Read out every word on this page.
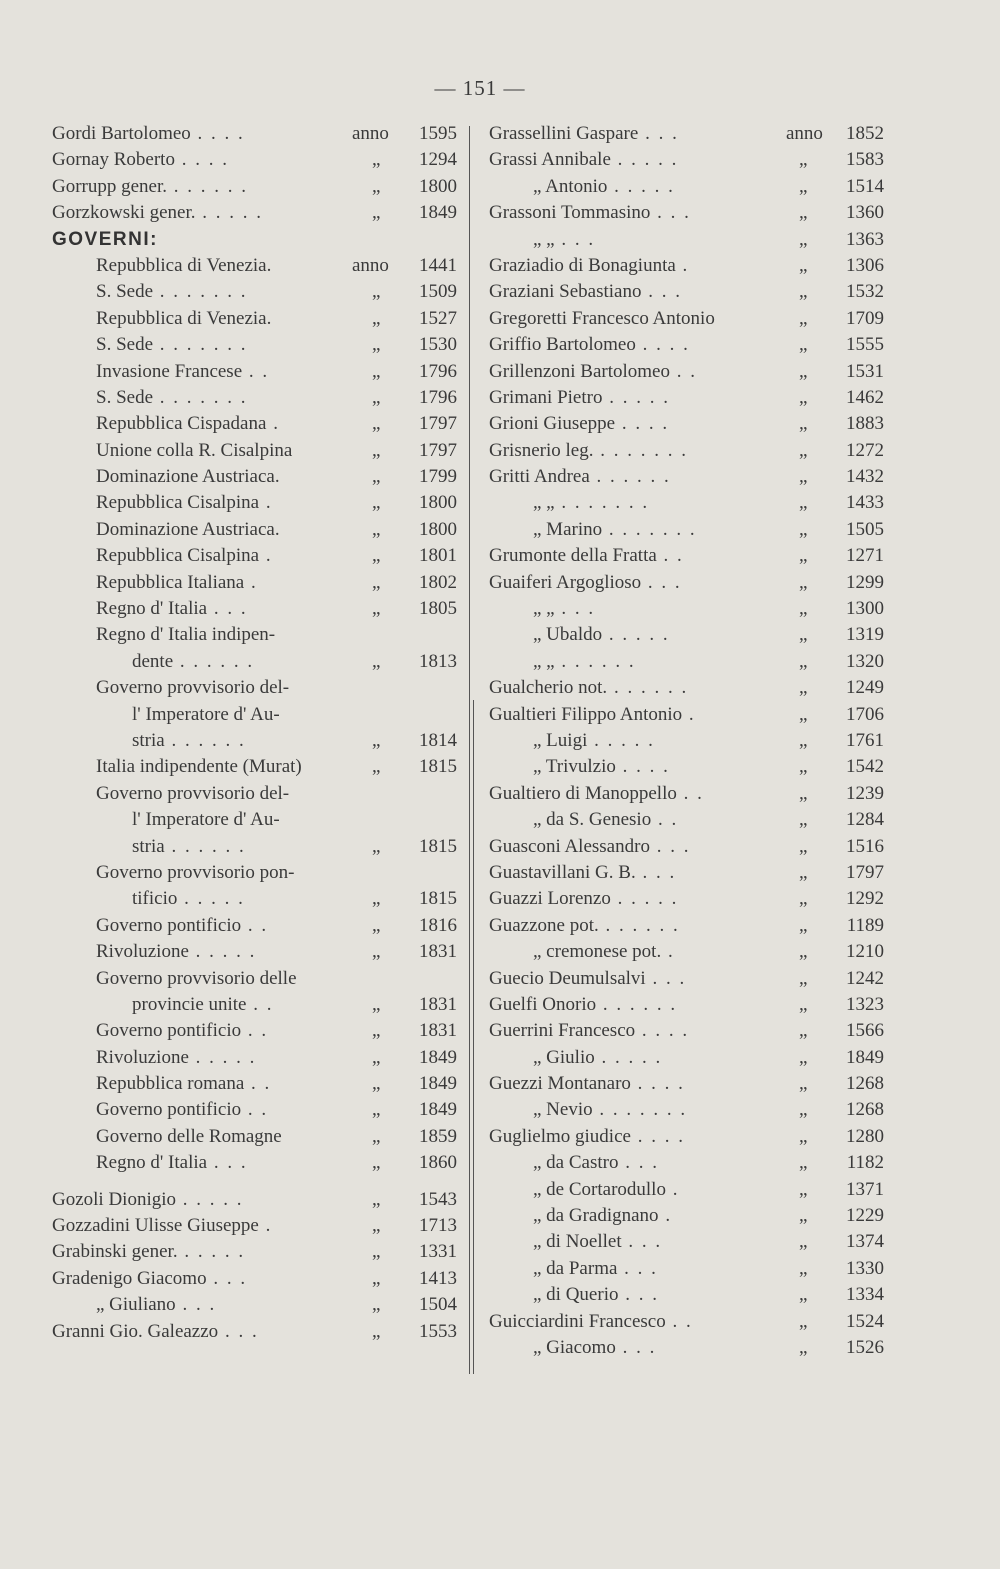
— 151 —
Gordi Bartolomeo . . . .	anno 1595
Gornay Roberto . . . .	„ 1294
Gorrupp gener. . . . . . .	„ 1800
Gorzkowski gener. . . . . .	„ 1849
GOVERNI:
Repubblica di Venezia.	anno 1441
S. Sede . . . . . . .	„ 1509
Repubblica di Venezia.	„ 1527
S. Sede . . . . . . .	„ 1530
Invasione Francese . .	„ 1796
S. Sede . . . . . . .	„ 1796
Repubblica Cispadana .	„ 1797
Unione colla R. Cisalpina	„ 1797
Dominazione Austriaca.	„ 1799
Repubblica Cisalpina .	„ 1800
Dominazione Austriaca.	„ 1800
Repubblica Cisalpina .	„ 1801
Repubblica Italiana .	„ 1802
Regno d' Italia . . .	„ 1805
Regno d' Italia indipen-
dente . . . . . .	„ 1813
Governo provvisorio del-
l' Imperatore d' Au-
stria . . . . . .	„ 1814
Italia indipendente (Murat)	„ 1815
Governo provvisorio del-
l' Imperatore d' Au-
stria . . . . . .	„ 1815
Governo provvisorio pon-
tificio . . . . .	„ 1815
Governo pontificio . .	„ 1816
Rivoluzione . . . . .	„ 1831
Governo provvisorio delle
provincie unite . .	„ 1831
Governo pontificio . .	„ 1831
Rivoluzione . . . . .	„ 1849
Repubblica romana . .	„ 1849
Governo pontificio . .	„ 1849
Governo delle Romagne	„ 1859
Regno d' Italia . . .	„ 1860
Gozoli Dionigio . . . . .	„ 1543
Gozzadini Ulisse Giuseppe .	„ 1713
Grabinski gener. . . . . .	„ 1331
Gradenigo Giacomo . . .	„ 1413
„ Giuliano . . .	„ 1504
Granni Gio. Galeazzo . . .	„ 1553
Grassellini Gaspare . . .	anno 1852
Grassi Annibale . . . . .	„ 1583
„ Antonio . . . . .	„ 1514
Grassoni Tommasino . . .	„ 1360
„ „ . . .	„ 1363
Graziadio di Bonagiunta .	„ 1306
Graziani Sebastiano . . .	„ 1532
Gregoretti Francesco Antonio	„ 1709
Griffio Bartolomeo . . . .	„ 1555
Grillenzoni Bartolomeo . .	„ 1531
Grimani Pietro . . . . .	„ 1462
Grioni Giuseppe . . . .	„ 1883
Grisnerio leg. . . . . . . .	„ 1272
Gritti Andrea . . . . . .	„ 1432
„ „ . . . . . . .	„ 1433
„ Marino . . . . . . .	„ 1505
Grumonte della Fratta . .	„ 1271
Guaiferi Argoglioso . . .	„ 1299
„ „ . . .	„ 1300
„ Ubaldo . . . . .	„ 1319
„ „ . . . . . .	„ 1320
Gualcherio not. . . . . . .	„ 1249
Gualtieri Filippo Antonio .	„ 1706
„ Luigi . . . . .	„ 1761
„ Trivulzio . . . .	„ 1542
Gualtiero di Manoppello . .	„ 1239
„ da S. Genesio . .	„ 1284
Guasconi Alessandro . . .	„ 1516
Guastavillani G. B. . . .	„ 1797
Guazzi Lorenzo . . . . .	„ 1292
Guazzone pot. . . . . . .	„ 1189
„ cremonese pot. .	„ 1210
Guecio Deumulsalvi . . .	„ 1242
Guelfi Onorio . . . . . .	„ 1323
Guerrini Francesco . . . .	„ 1566
„ Giulio . . . . .	„ 1849
Guezzi Montanaro . . . .	„ 1268
„ Nevio . . . . . . .	„ 1268
Guglielmo giudice . . . .	„ 1280
„ da Castro . . .	„ 1182
„ de Cortarodullo .	„ 1371
„ da Gradignano .	„ 1229
„ di Noellet . . .	„ 1374
„ da Parma . . .	„ 1330
„ di Querio . . .	„ 1334
Guicciardini Francesco . .	„ 1524
„ Giacomo . . .	„ 1526
